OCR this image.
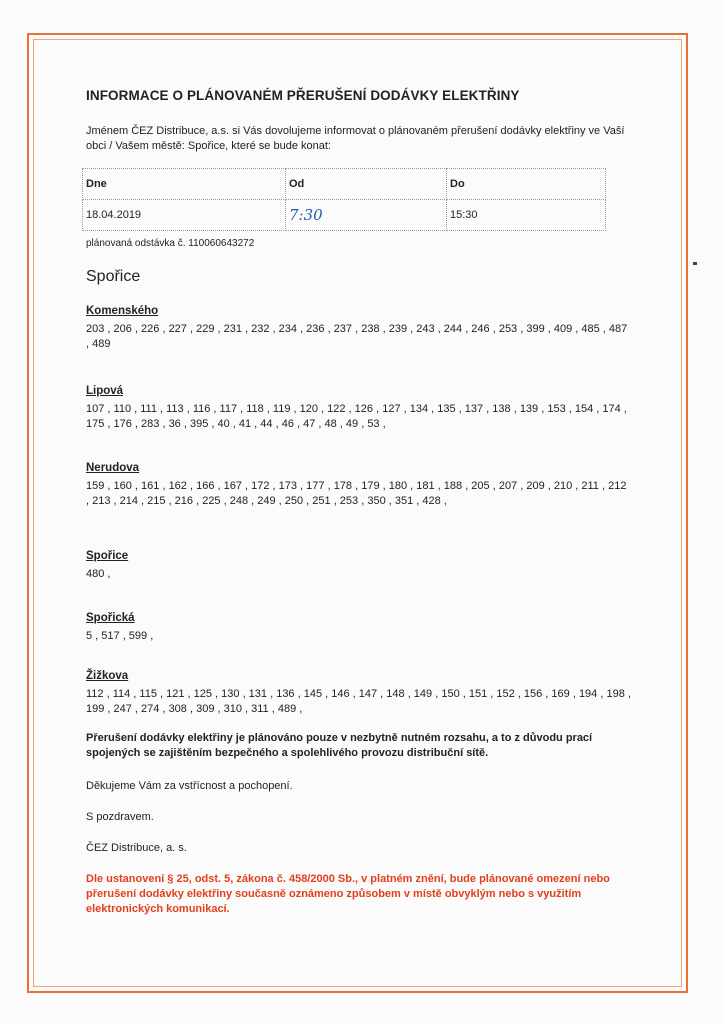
INFORMACE O PLÁNOVANÉM PŘERUŠENÍ DODÁVKY ELEKTŘINY
Jménem ČEZ Distribuce, a.s. si Vás dovolujeme informovat o plánovaném přerušení dodávky elektřiny ve Vaší obci / Vašem městě: Spořice, které se bude konat:
Dne	Od	Do
18.04.2019	7:30	15:30
plánovaná odstávka č. 110060643272
Spořice
Komenského
203 , 206 , 226 , 227 , 229 , 231 , 232 , 234 , 236 , 237 , 238 , 239 , 243 , 244 , 246 , 253 , 399 , 409 , 485 , 487 , 489
Lipová
107 , 110 , 111 , 113 , 116 , 117 , 118 , 119 , 120 , 122 , 126 , 127 , 134 , 135 , 137 , 138 , 139 , 153 , 154 , 174 , 175 , 176 , 283 , 36 , 395 , 40 , 41 , 44 , 46 , 47 , 48 , 49 , 53 ,
Nerudova
159 , 160 , 161 , 162 , 166 , 167 , 172 , 173 , 177 , 178 , 179 , 180 , 181 , 188 , 205 , 207 , 209 , 210 , 211 , 212 , 213 , 214 , 215 , 216 , 225 , 248 , 249 , 250 , 251 , 253 , 350 , 351 , 428 ,
Spořice
480 ,
Spořická
5 , 517 , 599 ,
Žižkova
112 , 114 , 115 , 121 , 125 , 130 , 131 , 136 , 145 , 146 , 147 , 148 , 149 , 150 , 151 , 152 , 156 , 169 , 194 , 198 , 199 , 247 , 274 , 308 , 309 , 310 , 311 , 489 ,
Přerušení dodávky elektřiny je plánováno pouze v nezbytně nutném rozsahu, a to z důvodu prací spojených se zajištěním bezpečného a spolehlivého provozu distribuční sítě.
Děkujeme Vám za vstřícnost a pochopení.
S pozdravem.
ČEZ Distribuce, a. s.
Dle ustanovení § 25, odst. 5, zákona č. 458/2000 Sb., v platném znění, bude plánované omezení nebo přerušení dodávky elektřiny současně oznámeno způsobem v místě obvyklým nebo s využitím elektronických komunikací.
